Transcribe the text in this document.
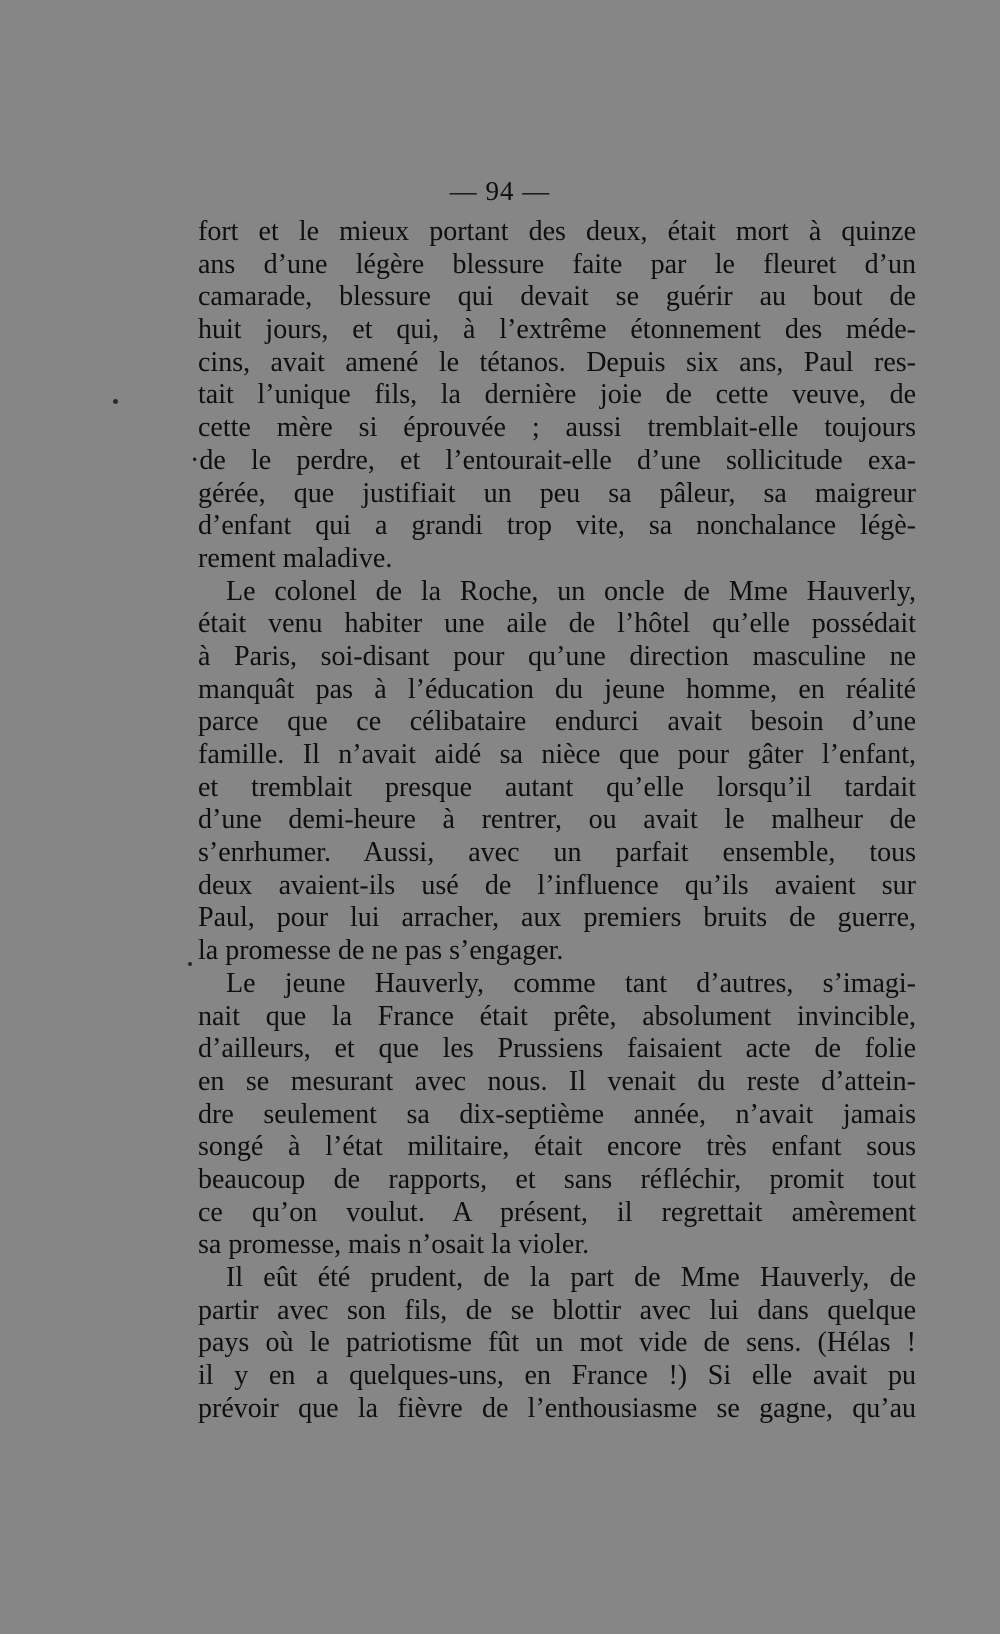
— 94 —
fort et le mieux portant des deux, était mort à quinze
ans d’une légère blessure faite par le fleuret d’un
camarade, blessure qui devait se guérir au bout de
huit jours, et qui, à l’extrême étonnement des méde-
cins, avait amené le tétanos. Depuis six ans, Paul res-
tait l’unique fils, la dernière joie de cette veuve, de
cette mère si éprouvée ; aussi tremblait-elle toujours
·de le perdre, et l’entourait-elle d’une sollicitude exa-
gérée, que justifiait un peu sa pâleur, sa maigreur
d’enfant qui a grandi trop vite, sa nonchalance légè-
rement maladive.
Le colonel de la Roche, un oncle de Mme Hauverly,
était venu habiter une aile de l’hôtel qu’elle possédait
à Paris, soi-disant pour qu’une direction masculine ne
manquât pas à l’éducation du jeune homme, en réalité
parce que ce célibataire endurci avait besoin d’une
famille. Il n’avait aidé sa nièce que pour gâter l’enfant,
et tremblait presque autant qu’elle lorsqu’il tardait
d’une demi-heure à rentrer, ou avait le malheur de
s’enrhumer. Aussi, avec un parfait ensemble, tous
deux avaient-ils usé de l’influence qu’ils avaient sur
Paul, pour lui arracher, aux premiers bruits de guerre,
la promesse de ne pas s’engager.
Le jeune Hauverly, comme tant d’autres, s’imagi-
nait que la France était prête, absolument invincible,
d’ailleurs, et que les Prussiens faisaient acte de folie
en se mesurant avec nous. Il venait du reste d’attein-
dre seulement sa dix-septième année, n’avait jamais
songé à l’état militaire, était encore très enfant sous
beaucoup de rapports, et sans réfléchir, promit tout
ce qu’on voulut. A présent, il regrettait amèrement
sa promesse, mais n’osait la violer.
Il eût été prudent, de la part de Mme Hauverly, de
partir avec son fils, de se blottir avec lui dans quelque
pays où le patriotisme fût un mot vide de sens. (Hélas !
il y en a quelques-uns, en France !) Si elle avait pu
prévoir que la fièvre de l’enthousiasme se gagne, qu’au
